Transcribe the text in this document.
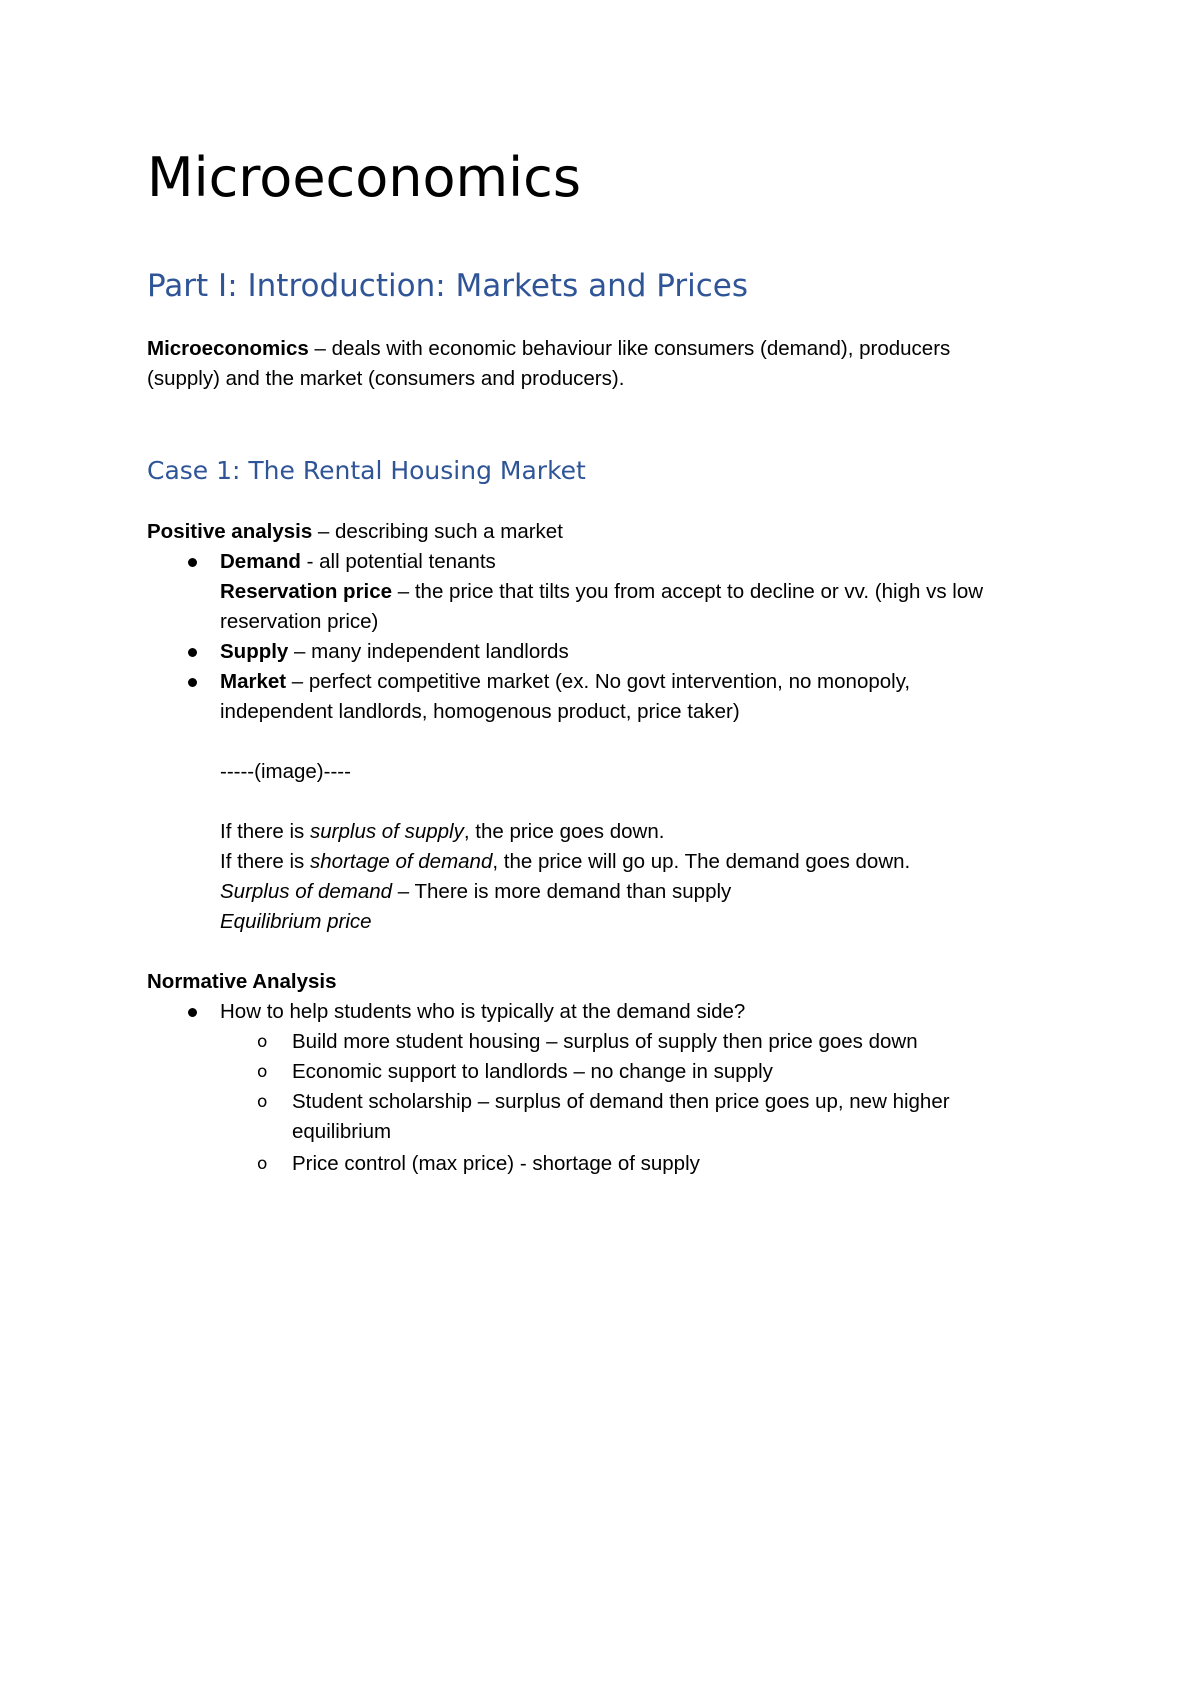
Microeconomics
Part I: Introduction: Markets and Prices
Microeconomics – deals with economic behaviour like consumers (demand), producers
(supply) and the market (consumers and producers).
Case 1: The Rental Housing Market
Positive analysis – describing such a market
Demand - all potential tenants
Reservation price – the price that tilts you from accept to decline or vv. (high vs low
reservation price)
Supply – many independent landlords
Market – perfect competitive market (ex. No govt intervention, no monopoly,
independent landlords, homogenous product, price taker)
-----(image)----
If there is surplus of supply, the price goes down.
If there is shortage of demand, the price will go up. The demand goes down.
Surplus of demand – There is more demand than supply
Equilibrium price
Normative Analysis
How to help students who is typically at the demand side?
o Build more student housing – surplus of supply then price goes down
o Economic support to landlords – no change in supply
o Student scholarship – surplus of demand then price goes up, new higher
equilibrium
o Price control (max price) - shortage of supply
